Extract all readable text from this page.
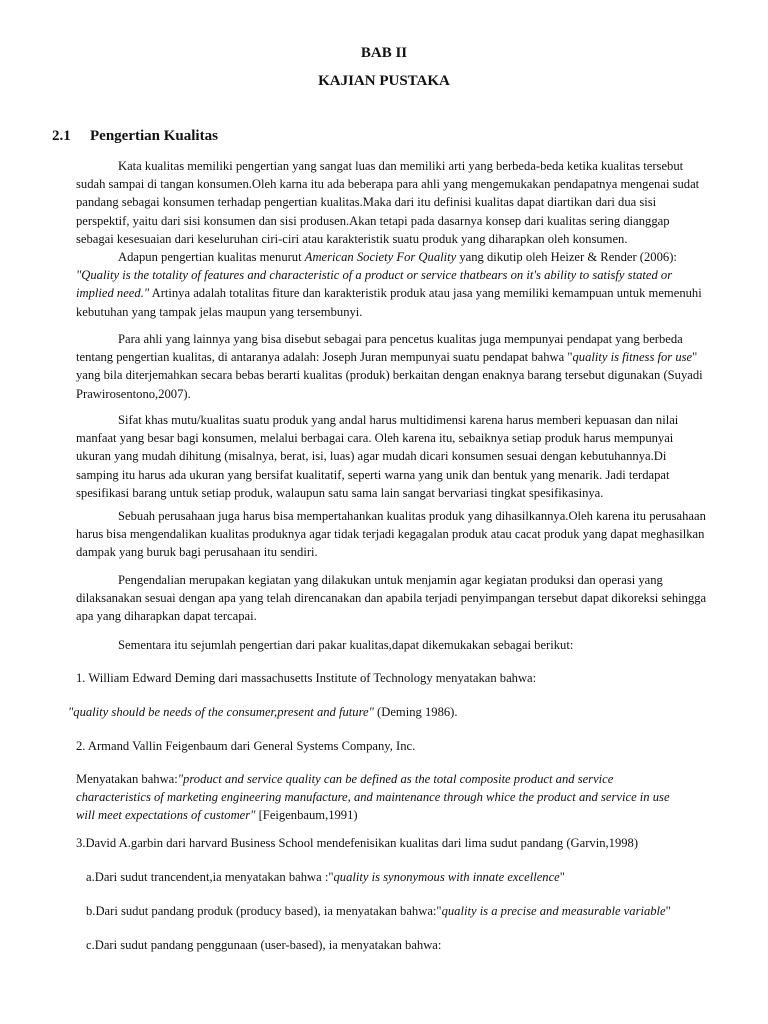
BAB II
KAJIAN PUSTAKA
2.1 Pengertian Kualitas
Kata kualitas memiliki pengertian yang sangat luas dan memiliki arti yang berbeda-beda ketika kualitas tersebut
sudah sampai di tangan konsumen.Oleh karna itu ada beberapa para ahli yang mengemukakan pendapatnya mengenai sudat
pandang sebagai konsumen terhadap pengertian kualitas.Maka dari itu definisi kualitas dapat diartikan dari dua sisi
perspektif, yaitu dari sisi konsumen dan sisi produsen.Akan tetapi pada dasarnya konsep dari kualitas sering dianggap
sebagai kesesuaian dari keseluruhan ciri-ciri atau karakteristik suatu produk yang diharapkan oleh konsumen.
Adapun pengertian kualitas menurut American Society For Quality yang dikutip oleh Heizer & Render (2006):
"Quality is the totality of features and characteristic of a product or service thatbears on it's ability to satisfy stated or
implied need." Artinya adalah totalitas fiture dan karakteristik produk atau jasa yang memiliki kemampuan untuk memenuhi
kebutuhan yang tampak jelas maupun yang tersembunyi.
Para ahli yang lainnya yang bisa disebut sebagai para pencetus kualitas juga mempunyai pendapat yang berbeda
tentang pengertian kualitas, di antaranya adalah: Joseph Juran mempunyai suatu pendapat bahwa "quality is fitness for use"
yang bila diterjemahkan secara bebas berarti kualitas (produk) berkaitan dengan enaknya barang tersebut digunakan (Suyadi
Prawirosentono,2007).
Sifat khas mutu/kualitas suatu produk yang andal harus multidimensi karena harus memberi kepuasan dan nilai
manfaat yang besar bagi konsumen, melalui berbagai cara. Oleh karena itu, sebaiknya setiap produk harus mempunyai
ukuran yang mudah dihitung (misalnya, berat, isi, luas) agar mudah dicari konsumen sesuai dengan kebutuhannya.Di
samping itu harus ada ukuran yang bersifat kualitatif, seperti warna yang unik dan bentuk yang menarik. Jadi terdapat
spesifikasi barang untuk setiap produk, walaupun satu sama lain sangat bervariasi tingkat spesifikasinya.
Sebuah perusahaan juga harus bisa mempertahankan kualitas produk yang dihasilkannya.Oleh karena itu perusahaan
harus bisa mengendalikan kualitas produknya agar tidak terjadi kegagalan produk atau cacat produk yang dapat meghasilkan
dampak yang buruk bagi perusahaan itu sendiri.
Pengendalian merupakan kegiatan yang dilakukan untuk menjamin agar kegiatan produksi dan operasi yang
dilaksanakan sesuai dengan apa yang telah direncanakan dan apabila terjadi penyimpangan tersebut dapat dikoreksi sehingga
apa yang diharapkan dapat tercapai.
Sementara itu sejumlah pengertian dari pakar kualitas,dapat dikemukakan sebagai berikut:
1. William Edward Deming dari massachusetts Institute of Technology menyatakan bahwa:
"quality should be needs of the consumer,present and future" (Deming 1986).
2. Armand Vallin Feigenbaum dari General Systems Company, Inc.
Menyatakan bahwa:"product and service quality can be defined as the total composite product and service
characteristics of marketing engineering manufacture, and maintenance through whice the product and service in use
will meet expectations of customer" [Feigenbaum,1991)
3.David A.garbin dari harvard Business School mendefenisikan kualitas dari lima sudut pandang (Garvin,1998)
a.Dari sudut trancendent,ia menyatakan bahwa :"quality is synonymous with innate excellence"
b.Dari sudut pandang produk (producy based), ia menyatakan bahwa:"quality is a precise and measurable variable"
c.Dari sudut pandang penggunaan (user-based), ia menyatakan bahwa:
